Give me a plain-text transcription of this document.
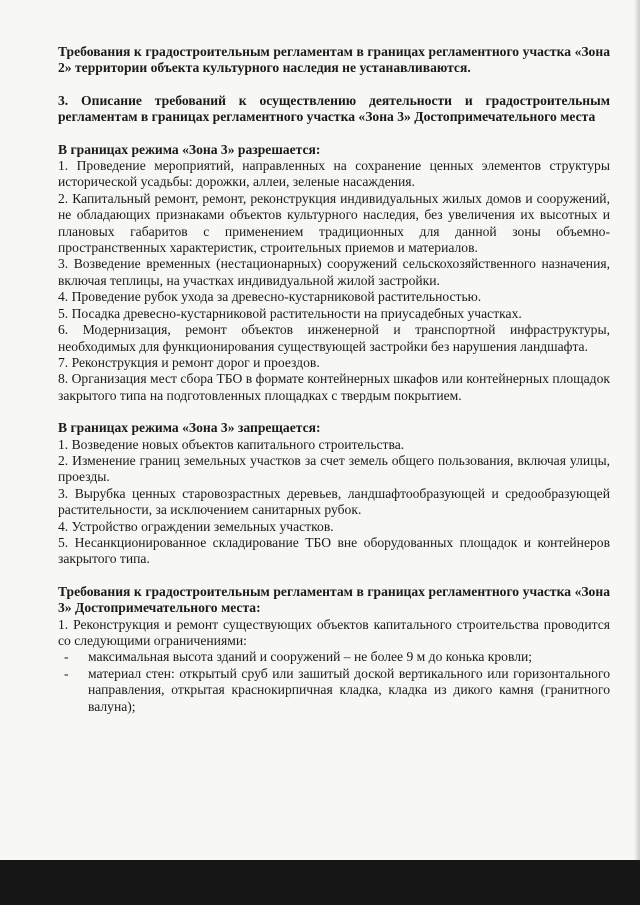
Требования к градостроительным регламентам в границах регламентного участка «Зона 2» территории объекта культурного наследия не устанавливаются.

3. Описание требований к осуществлению деятельности и градостроительным регламентам в границах регламентного участка «Зона 3» Достопримечательного места

В границах режима «Зона 3» разрешается:

1. Проведение мероприятий, направленных на сохранение ценных элементов структуры исторической усадьбы: дорожки, аллеи, зеленые насаждения.

2. Капитальный ремонт, ремонт, реконструкция индивидуальных жилых домов и сооружений, не обладающих признаками объектов культурного наследия, без увеличения их высотных и плановых габаритов с применением традиционных для данной зоны объемно-пространственных характеристик, строительных приемов и материалов.

3. Возведение временных (нестационарных) сооружений сельскохозяйственного назначения, включая теплицы, на участках индивидуальной жилой застройки.

4. Проведение рубок ухода за древесно-кустарниковой растительностью.

5. Посадка древесно-кустарниковой растительности на приусадебных участках.

6. Модернизация, ремонт объектов инженерной и транспортной инфраструктуры, необходимых для функционирования существующей застройки без нарушения ландшафта.

7. Реконструкция и ремонт дорог и проездов.

8. Организация мест сбора ТБО в формате контейнерных шкафов или контейнерных площадок закрытого типа на подготовленных площадках с твердым покрытием.

В границах режима «Зона 3» запрещается:

1. Возведение новых объектов капитального строительства.

2. Изменение границ земельных участков за счет земель общего пользования, включая улицы, проезды.

3. Вырубка ценных старовозрастных деревьев, ландшафтообразующей и средообразующей растительности, за исключением санитарных рубок.

4. Устройство ограждении земельных участков.

5. Несанкционированное складирование ТБО вне оборудованных площадок и контейнеров закрытого типа.

Требования к градостроительным регламентам в границах регламентного участка «Зона 3» Достопримечательного места:

1. Реконструкция и ремонт существующих объектов капитального строительства проводится со следующими ограничениями:

-	максимальная высота зданий и сооружений – не более 9 м до конька кровли;
-	материал стен: открытый сруб или зашитый доской вертикального или горизонтального направления, открытая краснокирпичная кладка, кладка из дикого камня (гранитного валуна);
